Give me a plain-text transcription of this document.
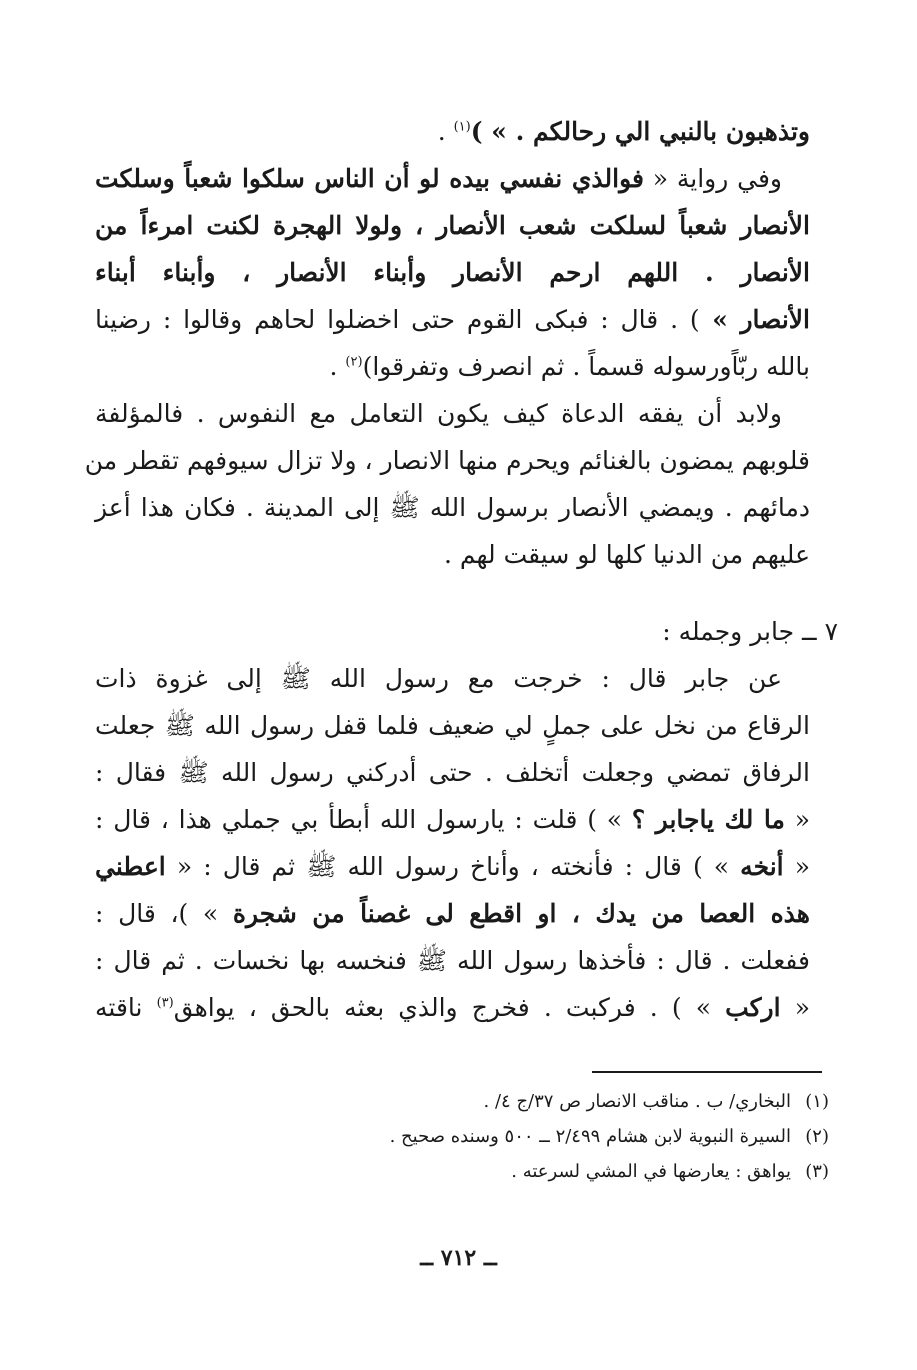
وتذهبون بالنبي الي رحالكم . » )$^{(١)}$ .
وفي رواية « فوالذي نفسي بيده لو أن الناس سلكوا شعباً وسلكت
الأنصار شعباً لسلكت شعب الأنصار ، ولولا الهجرة لكنت امرءاً من
الأنصار . اللهم ارحم الأنصار وأبناء الأنصار ، وأبناء أبناء
الأنصار » ) . قال : فبكى القوم حتى اخضلوا لحاهم وقالوا : رضينا
بالله ربّاًورسوله قسماً . ثم انصرف وتفرقوا)$^{(٢)}$ .
ولابد أن يفقه الدعاة كيف يكون التعامل مع النفوس . فالمؤلفة
قلوبهم يمضون بالغنائم ويحرم منها الانصار ، ولا تزال سيوفهم تقطر من
دمائهم . ويمضي الأنصار برسول الله ﷺ إلى المدينة . فكان هذا أعز
عليهم من الدنيا كلها لو سيقت لهم .
٧ ــ جابر وجمله :
عن جابر قال : خرجت مع رسول الله ﷺ إلى غزوة ذات
الرقاع من نخل على جملٍ لي ضعيف فلما قفل رسول الله ﷺ جعلت
الرفاق تمضي وجعلت أتخلف . حتى أدركني رسول الله ﷺ فقال :
« ما لك ياجابر ؟ » ) قلت : يارسول الله أبطأ بي جملي هذا ، قال :
« أنخه » ) قال : فأنخته ، وأناخ رسول الله ﷺ ثم قال : « اعطني
هذه العصا من يدك ، او اقطع لى غصناً من شجرة » )، قال :
ففعلت . قال : فأخذها رسول الله ﷺ فنخسه بها نخسات . ثم قال :
« اركب » ) . فركبت . فخرج والذي بعثه بالحق ، يواهق$^{(٣)}$ ناقته
(١)البخاري/ ب . مناقب الانصار ص ٣٧/ج ٤/ .
(٢)السيرة النبوية لابن هشام ٢/٤٩٩ ــ ٥٠٠ وسنده صحيح .
(٣)يواهق : يعارضها في المشي لسرعته .
ــ ٧١٢ ــ
